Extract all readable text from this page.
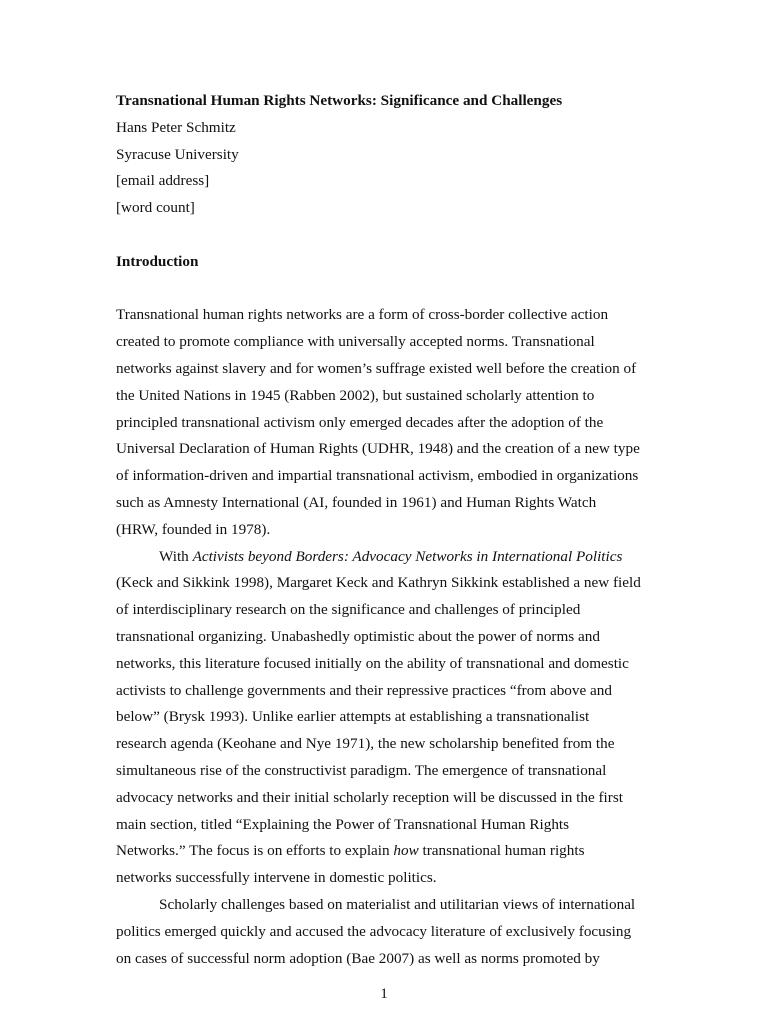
Transnational Human Rights Networks: Significance and Challenges
Hans Peter Schmitz
Syracuse University
[email address]
[word count]
Introduction
Transnational human rights networks are a form of cross-border collective action
created to promote compliance with universally accepted norms. Transnational
networks against slavery and for women’s suffrage existed well before the creation of
the United Nations in 1945 (Rabben 2002), but sustained scholarly attention to
principled transnational activism only emerged decades after the adoption of the
Universal Declaration of Human Rights (UDHR, 1948) and the creation of a new type
of information-driven and impartial transnational activism, embodied in organizations
such as Amnesty International (AI, founded in 1961) and Human Rights Watch
(HRW, founded in 1978).
With Activists beyond Borders: Advocacy Networks in International Politics
(Keck and Sikkink 1998), Margaret Keck and Kathryn Sikkink established a new field
of interdisciplinary research on the significance and challenges of principled
transnational organizing. Unabashedly optimistic about the power of norms and
networks, this literature focused initially on the ability of transnational and domestic
activists to challenge governments and their repressive practices “from above and
below” (Brysk 1993). Unlike earlier attempts at establishing a transnationalist
research agenda (Keohane and Nye 1971), the new scholarship benefited from the
simultaneous rise of the constructivist paradigm. The emergence of transnational
advocacy networks and their initial scholarly reception will be discussed in the first
main section, titled “Explaining the Power of Transnational Human Rights
Networks.” The focus is on efforts to explain how transnational human rights
networks successfully intervene in domestic politics.
Scholarly challenges based on materialist and utilitarian views of international
politics emerged quickly and accused the advocacy literature of exclusively focusing
on cases of successful norm adoption (Bae 2007) as well as norms promoted by
1
